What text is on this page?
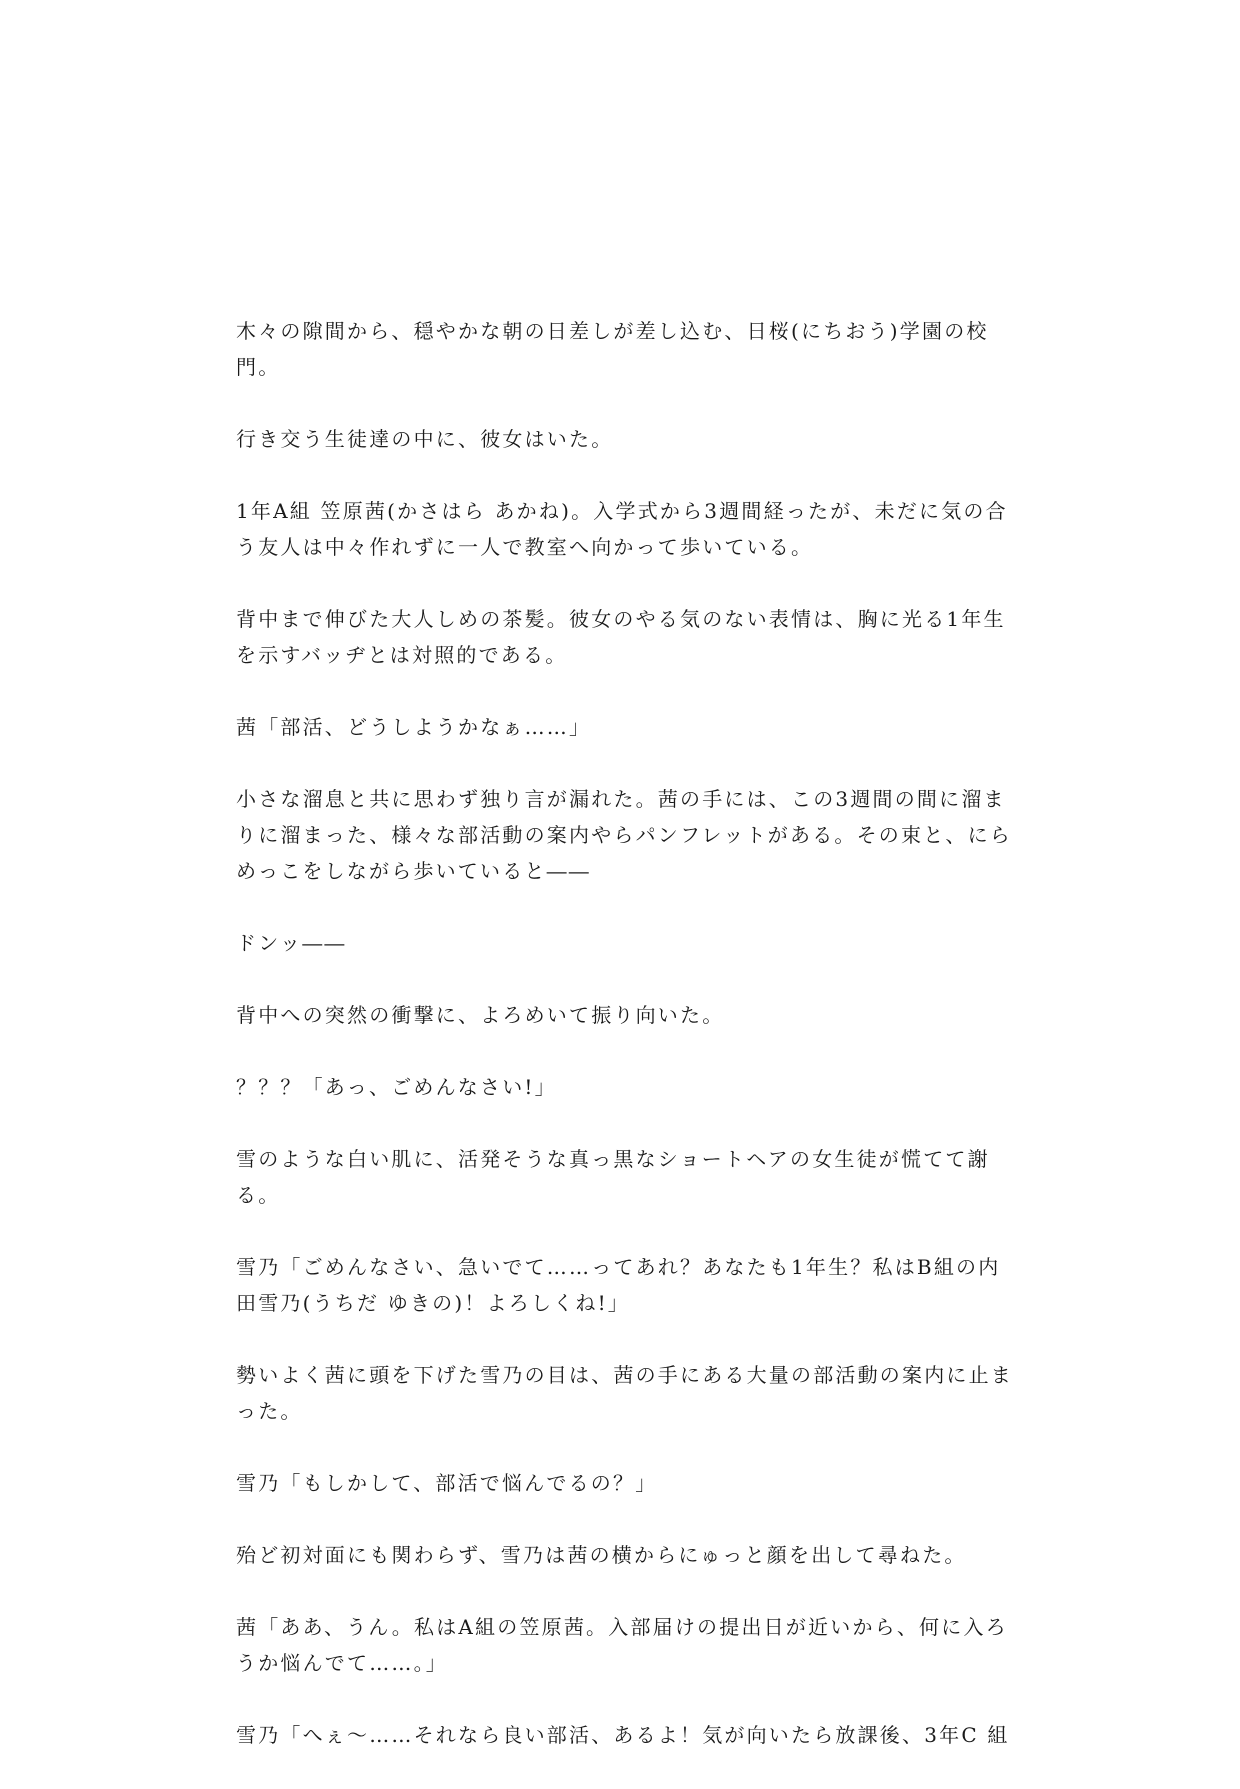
木々の隙間から、穏やかな朝の日差しが差し込む、日桜(にちおう)学園の校門。

行き交う生徒達の中に、彼女はいた。

1年A組 笠原茜(かさはら あかね)。入学式から3週間経ったが、未だに気の合う友人は中々作れずに一人で教室へ向かって歩いている。

背中まで伸びた大人しめの茶髪。彼女のやる気のない表情は、胸に光る1年生を示すバッヂとは対照的である。

茜「部活、どうしようかなぁ……」

小さな溜息と共に思わず独り言が漏れた。茜の手には、この3週間の間に溜まりに溜まった、様々な部活動の案内やらパンフレットがある。その束と、にらめっこをしながら歩いていると――

ドンッ――

背中への突然の衝撃に、よろめいて振り向いた。

？？？「あっ、ごめんなさい!」

雪のような白い肌に、活発そうな真っ黒なショートヘアの女生徒が慌てて謝る。

雪乃「ごめんなさい、急いでて……ってあれ？あなたも1年生？私はB組の内田雪乃(うちだ ゆきの)！よろしくね!」

勢いよく茜に頭を下げた雪乃の目は、茜の手にある大量の部活動の案内に止まった。

雪乃「もしかして、部活で悩んでるの？」

殆ど初対面にも関わらず、雪乃は茜の横からにゅっと顔を出して尋ねた。

茜「ああ、うん。私はA組の笠原茜。入部届けの提出日が近いから、何に入ろうか悩んでて……。」

雪乃「へぇ〜……それなら良い部活、あるよ！気が向いたら放課後、3年C 組
